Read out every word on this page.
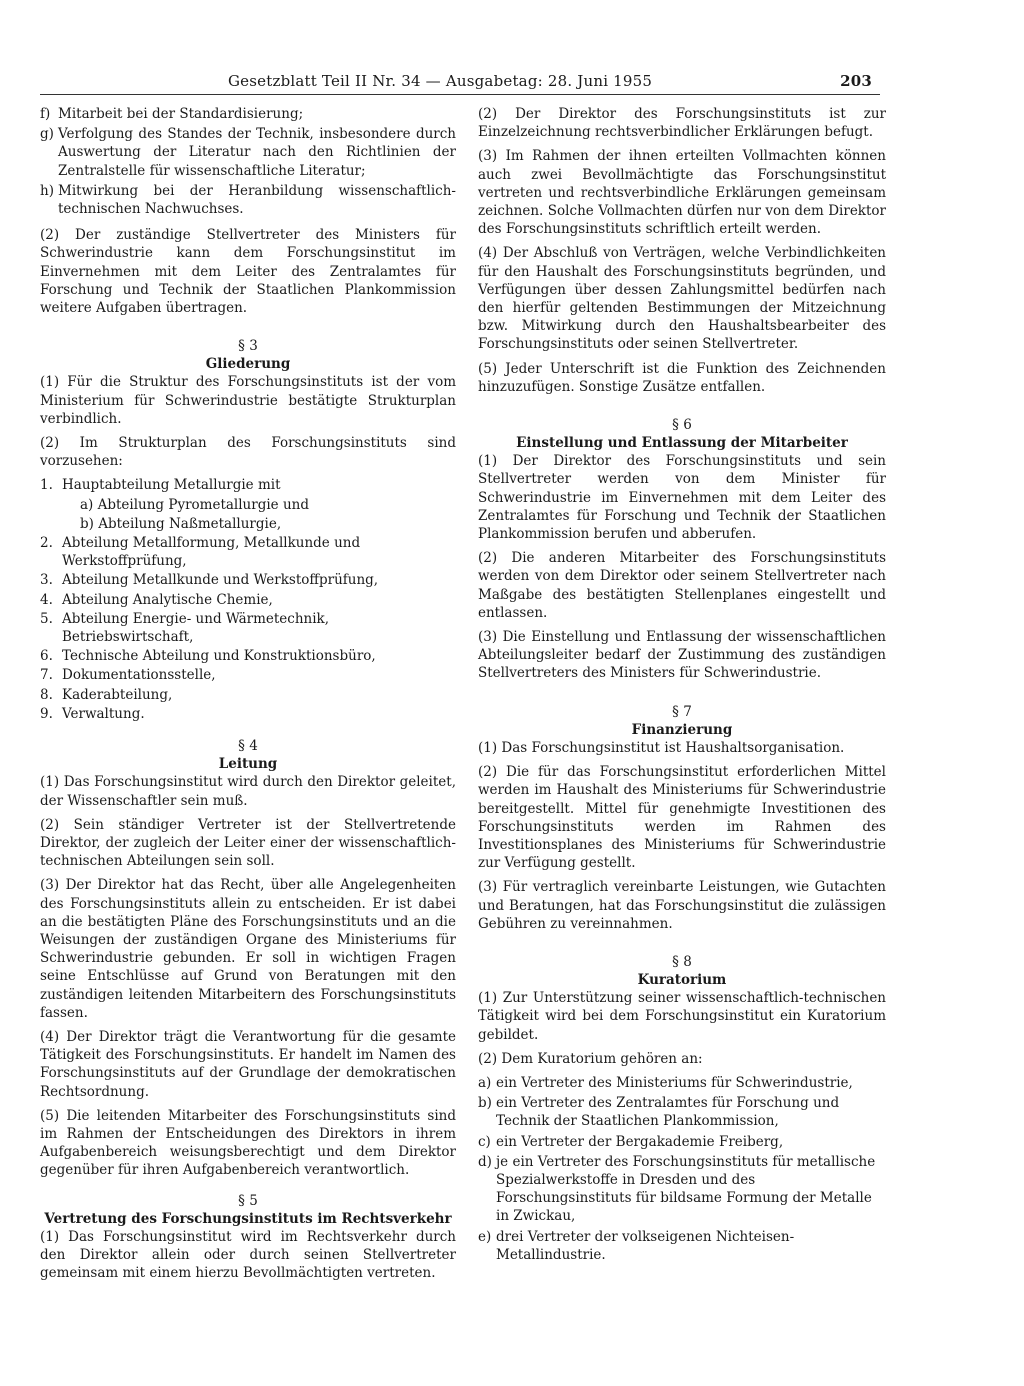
Gesetzblatt Teil II Nr. 34 — Ausgabetag: 28. Juni 1955	203
f) Mitarbeit bei der Standardisierung;
g) Verfolgung des Standes der Technik, insbesondere durch Auswertung der Literatur nach den Richtlinien der Zentralstelle für wissenschaftliche Literatur;
h) Mitwirkung bei der Heranbildung wissenschaftlich-technischen Nachwuchses.

(2) Der zuständige Stellvertreter des Ministers für Schwerindustrie kann dem Forschungsinstitut im Einvernehmen mit dem Leiter des Zentralamtes für Forschung und Technik der Staatlichen Plankommission weitere Aufgaben übertragen.

§ 3
Gliederung

(1) Für die Struktur des Forschungsinstituts ist der vom Ministerium für Schwerindustrie bestätigte Strukturplan verbindlich.

(2) Im Strukturplan des Forschungsinstituts sind vorzusehen:

1. Hauptabteilung Metallurgie mit
a) Abteilung Pyrometallurgie und
b) Abteilung Naßmetallurgie,
2. Abteilung Metallformung, Metallkunde und Werkstoffprüfung,
3. Abteilung Metallkunde und Werkstoffprüfung,
4. Abteilung Analytische Chemie,
5. Abteilung Energie- und Wärmetechnik, Betriebswirtschaft,
6. Technische Abteilung und Konstruktionsbüro,
7. Dokumentationsstelle,
8. Kaderabteilung,
9. Verwaltung.
§ 4
Leitung

(1) Das Forschungsinstitut wird durch den Direktor geleitet, der Wissenschaftler sein muß.

(2) Sein ständiger Vertreter ist der Stellvertretende Direktor, der zugleich der Leiter einer der wissenschaftlich-technischen Abteilungen sein soll.

(3) Der Direktor hat das Recht, über alle Angelegenheiten des Forschungsinstituts allein zu entscheiden. Er ist dabei an die bestätigten Pläne des Forschungsinstituts und an die Weisungen der zuständigen Organe des Ministeriums für Schwerindustrie gebunden. Er soll in wichtigen Fragen seine Entschlüsse auf Grund von Beratungen mit den zuständigen leitenden Mitarbeitern des Forschungsinstituts fassen.

(4) Der Direktor trägt die Verantwortung für die gesamte Tätigkeit des Forschungsinstituts. Er handelt im Namen des Forschungsinstituts auf der Grundlage der demokratischen Rechtsordnung.

(5) Die leitenden Mitarbeiter des Forschungsinstituts sind im Rahmen der Entscheidungen des Direktors in ihrem Aufgabenbereich weisungsberechtigt und dem Direktor gegenüber für ihren Aufgabenbereich verantwortlich.

§ 5
Vertretung des Forschungsinstituts im Rechtsverkehr

(1) Das Forschungsinstitut wird im Rechtsverkehr durch den Direktor allein oder durch seinen Stellvertreter gemeinsam mit einem hierzu Bevollmächtigten vertreten.

(2) Der Direktor des Forschungsinstituts ist zur Einzelzeichnung rechtsverbindlicher Erklärungen befugt.

(3) Im Rahmen der ihnen erteilten Vollmachten können auch zwei Bevollmächtigte das Forschungsinstitut vertreten und rechtsverbindliche Erklärungen gemeinsam zeichnen. Solche Vollmachten dürfen nur von dem Direktor des Forschungsinstituts schriftlich erteilt werden.

(4) Der Abschluß von Verträgen, welche Verbindlichkeiten für den Haushalt des Forschungsinstituts begründen, und Verfügungen über dessen Zahlungsmittel bedürfen nach den hierfür geltenden Bestimmungen der Mitzeichnung bzw. Mitwirkung durch den Haushaltsbearbeiter des Forschungsinstituts oder seinen Stellvertreter.

(5) Jeder Unterschrift ist die Funktion des Zeichnenden hinzuzufügen. Sonstige Zusätze entfallen.

§ 6
Einstellung und Entlassung der Mitarbeiter

(1) Der Direktor des Forschungsinstituts und sein Stellvertreter werden von dem Minister für Schwerindustrie im Einvernehmen mit dem Leiter des Zentralamtes für Forschung und Technik der Staatlichen Plankommission berufen und abberufen.

(2) Die anderen Mitarbeiter des Forschungsinstituts werden von dem Direktor oder seinem Stellvertreter nach Maßgabe des bestätigten Stellenplanes eingestellt und entlassen.

(3) Die Einstellung und Entlassung der wissenschaftlichen Abteilungsleiter bedarf der Zustimmung des zuständigen Stellvertreters des Ministers für Schwerindustrie.

§ 7
Finanzierung

(1) Das Forschungsinstitut ist Haushaltsorganisation.

(2) Die für das Forschungsinstitut erforderlichen Mittel werden im Haushalt des Ministeriums für Schwerindustrie bereitgestellt. Mittel für genehmigte Investitionen des Forschungsinstituts werden im Rahmen des Investitionsplanes des Ministeriums für Schwerindustrie zur Verfügung gestellt.

(3) Für vertraglich vereinbarte Leistungen, wie Gutachten und Beratungen, hat das Forschungsinstitut die zulässigen Gebühren zu vereinnahmen.

§ 8
Kuratorium

(1) Zur Unterstützung seiner wissenschaftlich-technischen Tätigkeit wird bei dem Forschungsinstitut ein Kuratorium gebildet.

(2) Dem Kuratorium gehören an:

a) ein Vertreter des Ministeriums für Schwerindustrie,
b) ein Vertreter des Zentralamtes für Forschung und Technik der Staatlichen Plankommission,
c) ein Vertreter der Bergakademie Freiberg,
d) je ein Vertreter des Forschungsinstituts für metallische Spezialwerkstoffe in Dresden und des Forschungsinstituts für bildsame Formung der Metalle in Zwickau,
e) drei Vertreter der volkseigenen Nichteisen-Metallindustrie.
